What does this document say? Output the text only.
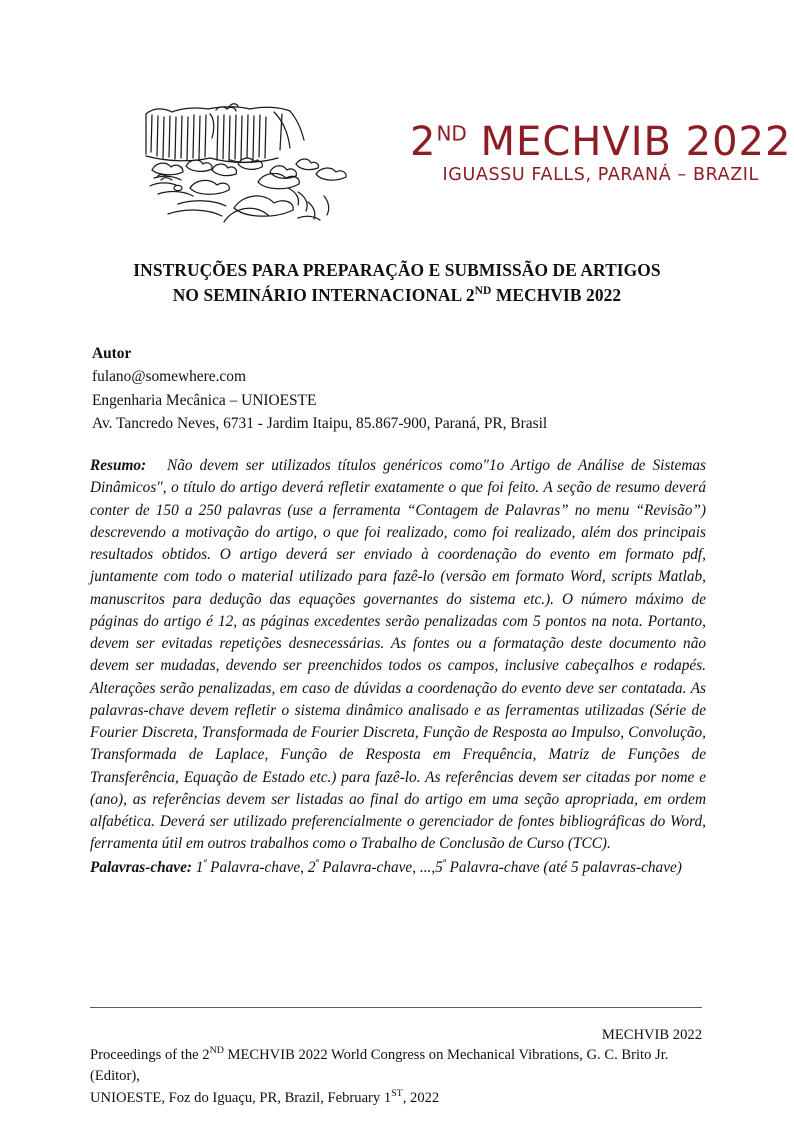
2ND MECHVIB 2022
IGUASSU FALLS, PARANÁ – BRAZIL
INSTRUÇÕES PARA PREPARAÇÃO E SUBMISSÃO DE ARTIGOS
NO SEMINÁRIO INTERNACIONAL 2ND MECHVIB 2022
Autor
fulano@somewhere.com
Engenharia Mecânica – UNIOESTE
Av. Tancredo Neves, 6731 - Jardim Itaipu, 85.867-900, Paraná, PR, Brasil

Resumo: Não devem ser utilizados títulos genéricos como"1o Artigo de Análise de Sistemas Dinâmicos", o título do artigo deverá refletir exatamente o que foi feito. A seção de resumo deverá conter de 150 a 250 palavras (use a ferramenta “Contagem de Palavras” no menu “Revisão”) descrevendo a motivação do artigo, o que foi realizado, como foi realizado, além dos principais resultados obtidos. O artigo deverá ser enviado à coordenação do evento em formato pdf, juntamente com todo o material utilizado para fazê-lo (versão em formato Word, scripts Matlab, manuscritos para dedução das equações governantes do sistema etc.). O número máximo de páginas do artigo é 12, as páginas excedentes serão penalizadas com 5 pontos na nota. Portanto, devem ser evitadas repetições desnecessárias. As fontes ou a formatação deste documento não devem ser mudadas, devendo ser preenchidos todos os campos, inclusive cabeçalhos e rodapés. Alterações serão penalizadas, em caso de dúvidas a coordenação do evento deve ser contatada. As palavras-chave devem refletir o sistema dinâmico analisado e as ferramentas utilizadas (Série de Fourier Discreta, Transformada de Fourier Discreta, Função de Resposta ao Impulso, Convolução, Transformada de Laplace, Função de Resposta em Frequência, Matriz de Funções de Transferência, Equação de Estado etc.) para fazê-lo. As referências devem ser citadas por nome e (ano), as referências devem ser listadas ao final do artigo em uma seção apropriada, em ordem alfabética. Deverá ser utilizado preferencialmente o gerenciador de fontes bibliográficas do Word, ferramenta útil em outros trabalhos como o Trabalho de Conclusão de Curso (TCC).

Palavras-chave: $1^ª$ Palavra-chave, $2^ª$ Palavra-chave, $...,5^ª$ Palavra-chave (até 5 palavras-chave)

MECHVIB 2022
Proceedings of the 2ND MECHVIB 2022 World Congress on Mechanical Vibrations, G. C. Brito Jr. (Editor),
UNIOESTE, Foz do Iguaçu, PR, Brazil, February 1ST, 2022
